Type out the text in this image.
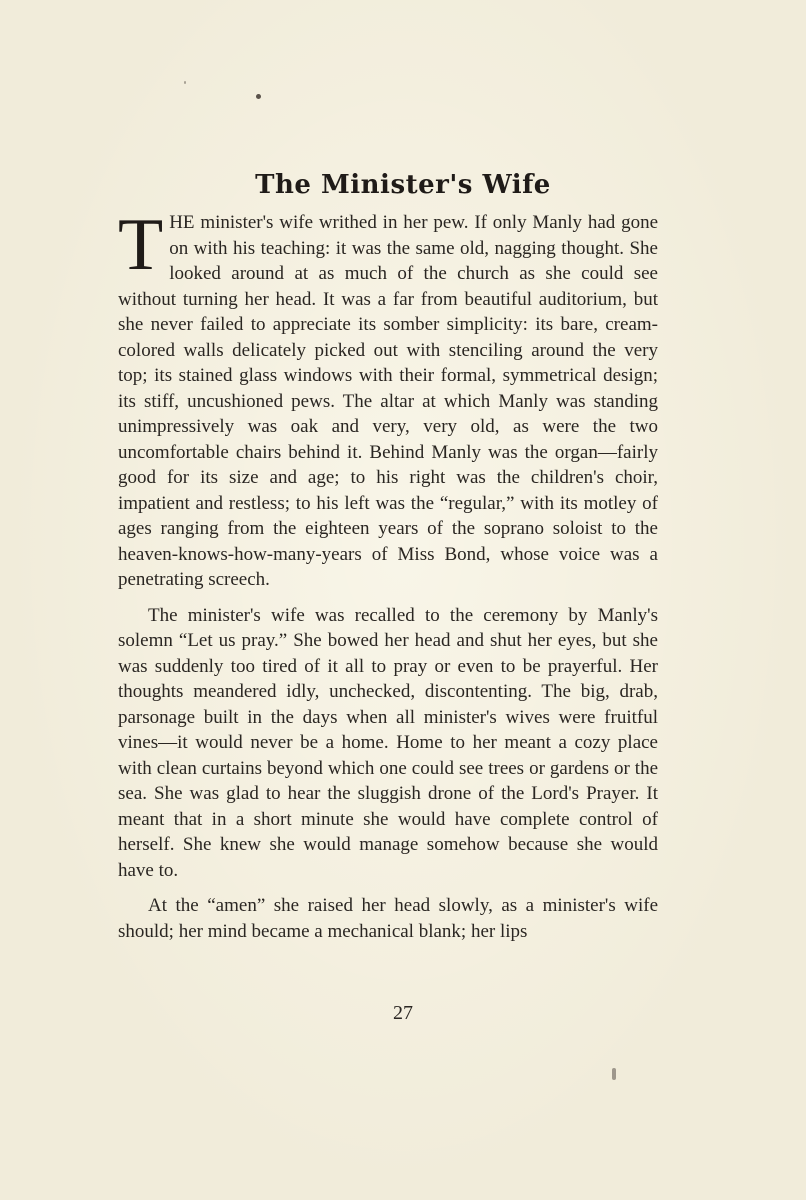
The Minister's Wife

THE minister's wife writhed in her pew. If only Manly had gone on with his teaching: it was the same old, nagging thought. She looked around at as much of the church as she could see without turning her head. It was a far from beautiful auditorium, but she never failed to appreciate its somber simplicity: its bare, cream-colored walls delicately picked out with stenciling around the very top; its stained glass windows with their formal, symmetrical design; its stiff, uncushioned pews. The altar at which Manly was standing unimpressively was oak and very, very old, as were the two uncomfortable chairs behind it. Behind Manly was the organ—fairly good for its size and age; to his right was the children's choir, impatient and restless; to his left was the “regular,” with its motley of ages ranging from the eighteen years of the soprano soloist to the heaven-knows-how-many-years of Miss Bond, whose voice was a penetrating screech.

The minister's wife was recalled to the ceremony by Manly's solemn “Let us pray.” She bowed her head and shut her eyes, but she was suddenly too tired of it all to pray or even to be prayerful. Her thoughts meandered idly, unchecked, discontenting. The big, drab, parsonage built in the days when all minister's wives were fruitful vines—it would never be a home. Home to her meant a cozy place with clean curtains beyond which one could see trees or gardens or the sea. She was glad to hear the sluggish drone of the Lord's Prayer. It meant that in a short minute she would have complete control of herself. She knew she would manage somehow because she would have to.

At the “amen” she raised her head slowly, as a minister's wife should; her mind became a mechanical blank; her lips

27
